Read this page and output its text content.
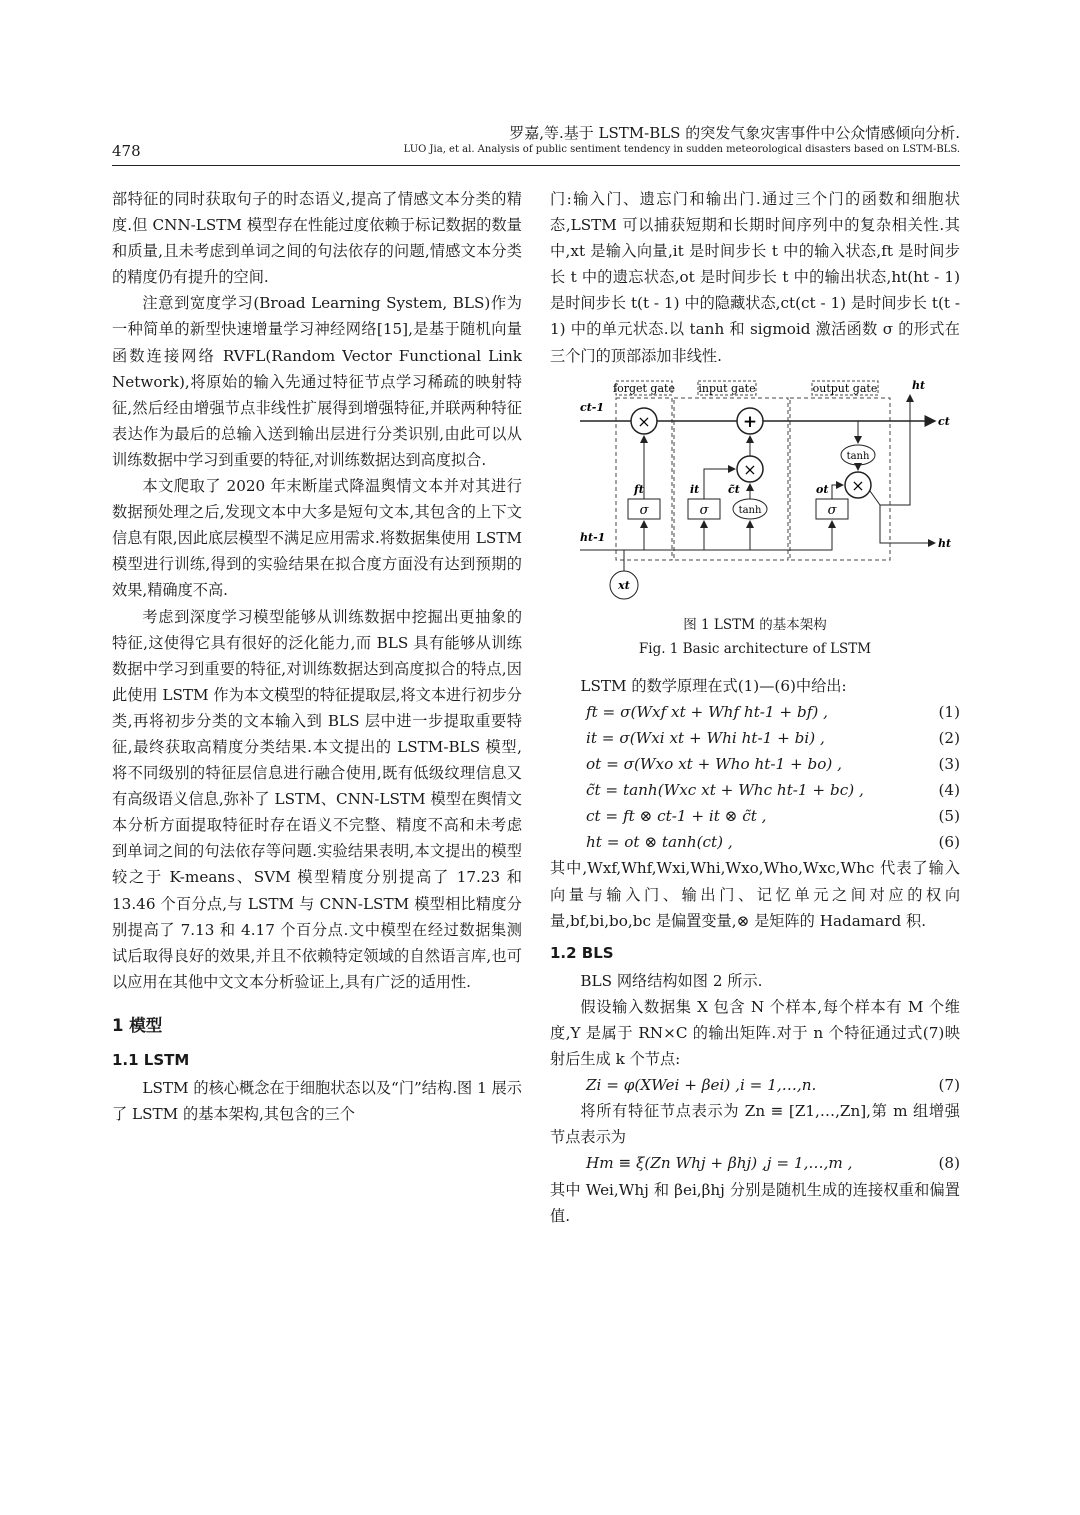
478
罗嘉,等.基于 LSTM-BLS 的突发气象灾害事件中公众情感倾向分析.
LUO Jia, et al. Analysis of public sentiment tendency in sudden meteorological disasters based on LSTM-BLS.

部特征的同时获取句子的时态语义,提高了情感文本分类的精度.但 CNN-LSTM 模型存在性能过度依赖于标记数据的数量和质量,且未考虑到单词之间的句法依存的问题,情感文本分类的精度仍有提升的空间.

注意到宽度学习(Broad Learning System, BLS)作为一种简单的新型快速增量学习神经网络[15],是基于随机向量函数连接网络 RVFL(Random Vector Functional Link Network),将原始的输入先通过特征节点学习稀疏的映射特征,然后经由增强节点非线性扩展得到增强特征,并联两种特征表达作为最后的总输入送到输出层进行分类识别,由此可以从训练数据中学习到重要的特征,对训练数据达到高度拟合.

本文爬取了 2020 年末断崖式降温舆情文本并对其进行数据预处理之后,发现文本中大多是短句文本,其包含的上下文信息有限,因此底层模型不满足应用需求.将数据集使用 LSTM 模型进行训练,得到的实验结果在拟合度方面没有达到预期的效果,精确度不高.

考虑到深度学习模型能够从训练数据中挖掘出更抽象的特征,这使得它具有很好的泛化能力,而 BLS 具有能够从训练数据中学习到重要的特征,对训练数据达到高度拟合的特点,因此使用 LSTM 作为本文模型的特征提取层,将文本进行初步分类,再将初步分类的文本输入到 BLS 层中进一步提取重要特征,最终获取高精度分类结果.本文提出的 LSTM-BLS 模型,将不同级别的特征层信息进行融合使用,既有低级纹理信息又有高级语义信息,弥补了 LSTM、CNN-LSTM 模型在舆情文本分析方面提取特征时存在语义不完整、精度不高和未考虑到单词之间的句法依存等问题.实验结果表明,本文提出的模型较之于 K-means、SVM 模型精度分别提高了 17.23 和 13.46 个百分点,与 LSTM 与 CNN-LSTM 模型相比精度分别提高了 7.13 和 4.17 个百分点.文中模型在经过数据集测试后取得良好的效果,并且不依赖特定领域的自然语言库,也可以应用在其他中文文本分析验证上,具有广泛的适用性.

1 模型
1.1 LSTM

LSTM 的核心概念在于细胞状态以及“门”结构.图 1 展示了 LSTM 的基本架构,其包含的三个

门:输入门、遗忘门和输出门.通过三个门的函数和细胞状态,LSTM 可以捕获短期和长期时间序列中的复杂相关性.其中,xt 是输入向量,it 是时间步长 t 中的输入状态,ft 是时间步长 t 中的遗忘状态,ot 是时间步长 t 中的输出状态,ht(ht - 1) 是时间步长 t(t - 1) 中的隐藏状态,ct(ct - 1) 是时间步长 t(t - 1) 中的单元状态.以 tanh 和 sigmoid 激活函数 σ 的形式在三个门的顶部添加非线性.

forget gate input gate	output gate
ct-1
ct
×	+
σ	σ	σ
tanh
tanh
×
×
ht-1
xt
ft	it	c̃t	ot
ht
ht
图 1 LSTM 的基本架构
Fig. 1 Basic architecture of LSTM

LSTM 的数学原理在式(1)—(6)中给出:

ft = σ(Wxf xt + Whf ht-1 + bf) ,	(1)
it = σ(Wxi xt + Whi ht-1 + bi) ,	(2)
ot = σ(Wxo xt + Who ht-1 + bo) ,	(3)
c̃t = tanh(Wxc xt + Whc ht-1 + bc) ,	(4)
ct = ft ⊗ ct-1 + it ⊗ c̃t ,	(5)
ht = ot ⊗ tanh(ct) ,	(6)

其中,Wxf,Whf,Wxi,Whi,Wxo,Who,Wxc,Whc 代表了输入向量与输入门、输出门、记忆单元之间对应的权向量,bf,bi,bo,bc 是偏置变量,⊗ 是矩阵的 Hadamard 积.

1.2 BLS

BLS 网络结构如图 2 所示.

假设输入数据集 X 包含 N 个样本,每个样本有 M 个维度,Y 是属于 RN×C 的输出矩阵.对于 n 个特征通过式(7)映射后生成 k 个节点:

Zi = φ(XWei + βei) ,i = 1,…,n.	(7)

将所有特征节点表示为 Zn ≡ [Z1,…,Zn],第 m 组增强节点表示为

Hm ≡ ξ(Zn Whj + βhj) ,j = 1,…,m ,	(8)

其中 Wei,Whj 和 βei,βhj 分别是随机生成的连接权重和偏置值.
